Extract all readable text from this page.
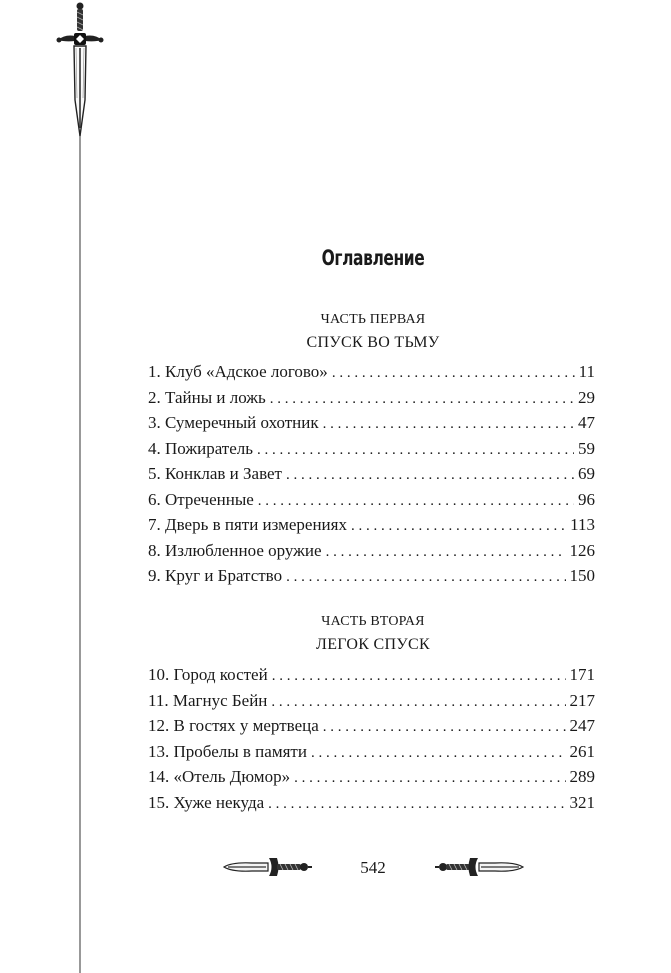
Оглавление
ЧАСТЬ ПЕРВАЯ
СПУСК ВО ТЬМУ
1. Клуб «Адское логово» . . .	11
2. Тайны и ложь . . .	29
3. Сумеречный охотник . . .	47
4. Пожиратель . . .	59
5. Конклав и Завет . . .	69
6. Отреченные . . .	96
7. Дверь в пяти измерениях . . .	113
8. Излюбленное оружие . . .	126
9. Круг и Братство . . .	150
ЧАСТЬ ВТОРАЯ
ЛЕГОК СПУСК
10. Город костей . . .	171
11. Магнус Бейн . . .	217
12. В гостях у мертвеца . . .	247
13. Пробелы в памяти . . .	261
14. «Отель Дюмор» . . .	289
15. Хуже некуда . . .	321
542
